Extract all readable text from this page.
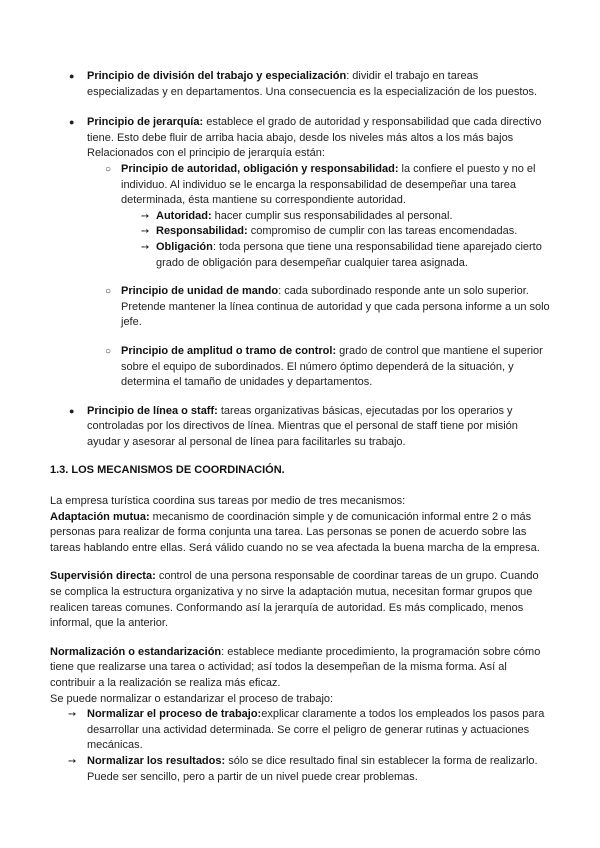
● Principio de división del trabajo y especialización: dividir el trabajo en tareas especializadas y en departamentos. Una consecuencia es la especialización de los puestos.
● Principio de jerarquía: establece el grado de autoridad y responsabilidad que cada directivo tiene. Esto debe fluir de arriba hacia abajo, desde los niveles más altos a los más bajos Relacionados con el principio de jerarquía están:
○ Principio de autoridad, obligación y responsabilidad: la confiere el puesto y no el individuo. Al individuo se le encarga la responsabilidad de desempeñar una tarea determinada, ésta mantiene su correspondiente autoridad.
➙ Autoridad: hacer cumplir sus responsabilidades al personal.
➙ Responsabilidad: compromiso de cumplir con las tareas encomendadas.
➙ Obligación: toda persona que tiene una responsabilidad tiene aparejado cierto grado de obligación para desempeñar cualquier tarea asignada.
○ Principio de unidad de mando: cada subordinado responde ante un solo superior. Pretende mantener la línea continua de autoridad y que cada persona informe a un solo jefe.
○ Principio de amplitud o tramo de control: grado de control que mantiene el superior sobre el equipo de subordinados. El número óptimo dependerá de la situación, y determina el tamaño de unidades y departamentos.
● Principio de línea o staff: tareas organizativas básicas, ejecutadas por los operarios y controladas por los directivos de línea. Mientras que el personal de staff tiene por misión ayudar y asesorar al personal de línea para facilitarles su trabajo.
1.3. LOS MECANISMOS DE COORDINACIÓN.

La empresa turística coordina sus tareas por medio de tres mecanismos:

Adaptación mutua: mecanismo de coordinación simple y de comunicación informal entre 2 o más personas para realizar de forma conjunta una tarea. Las personas se ponen de acuerdo sobre las tareas hablando entre ellas. Será válido cuando no se vea afectada la buena marcha de la empresa.

Supervisión directa: control de una persona responsable de coordinar tareas de un grupo. Cuando se complica la estructura organizativa y no sirve la adaptación mutua, necesitan formar grupos que realicen tareas comunes. Conformando así la jerarquía de autoridad. Es más complicado, menos informal, que la anterior.

Normalización o estandarización: establece mediante procedimiento, la programación sobre cómo tiene que realizarse una tarea o actividad; así todos la desempeñan de la misma forma. Así al contribuir a la realización se realiza más eficaz.

Se puede normalizar o estandarizar el proceso de trabajo:

➙ Normalizar el proceso de trabajo:explicar claramente a todos los empleados los pasos para desarrollar una actividad determinada. Se corre el peligro de generar rutinas y actuaciones mecánicas.
➙ Normalizar los resultados: sólo se dice resultado final sin establecer la forma de realizarlo. Puede ser sencillo, pero a partir de un nivel puede crear problemas.
